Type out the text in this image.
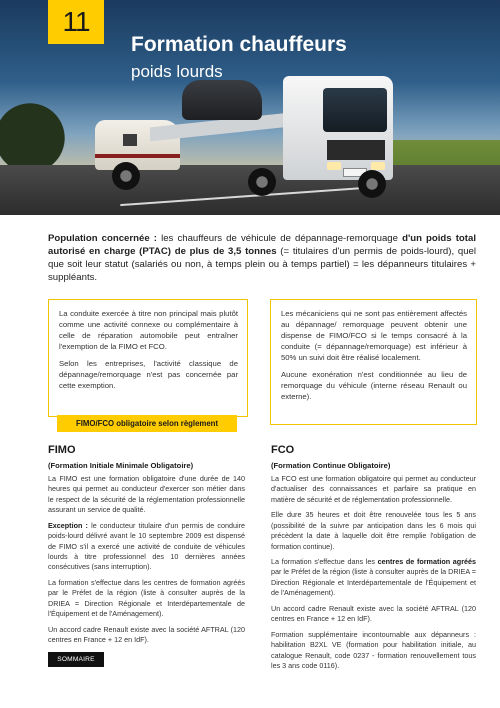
11
Formation chauffeurs

poids lourds

Population concernée : les chauffeurs de véhicule de dépannage-remorquage d'un poids total autorisé en charge (PTAC) de plus de 3,5 tonnes (= titulaires d'un permis de poids-lourd), quel que soit leur statut (salariés ou non, à temps plein ou à temps partiel) = les dépanneurs titulaires + suppléants.

La conduite exercée à titre non principal mais plutôt comme une activité connexe ou complémentaire à celle de réparation automobile peut entraîner l'exemption de la FIMO et FCO.

Selon les entreprises, l'activité classique de dépannage/remorquage n'est pas concernée par cette exemption.

FIMO/FCO obligatoire selon règlement

Les mécaniciens qui ne sont pas entièrement affectés au dépannage/ remorquage peuvent obtenir une dispense de FIMO/FCO si le temps consacré à la conduite (= dépannage/remorquage) est inférieur à 50% un suivi doit être réalisé localement.

Aucune exonération n'est conditionnée au lieu de remorquage du véhicule (interne réseau Renault ou externe).

FIMO
(Formation Initiale Minimale Obligatoire)

La FIMO est une formation obligatoire d'une durée de 140 heures qui permet au conducteur d'exercer son métier dans le respect de la sécurité de la réglementation professionnelle assurant un service de qualité.

Exception : le conducteur titulaire d'un permis de conduire poids-lourd délivré avant le 10 septembre 2009 est dispensé de FIMO s'il a exercé une activité de conduite de véhicules lourds à titre professionnel des 10 dernières années consécutives (sans interruption).

La formation s'effectue dans les centres de formation agréés par le Préfet de la région (liste à consulter auprès de la DRIEA = Direction Régionale et Interdépartementale de l'Équipement et de l'Aménagement).

Un accord cadre Renault existe avec la société AFTRAL (120 centres en France + 12 en IdF).

FCO
(Formation Continue Obligatoire)

La FCO est une formation obligatoire qui permet au conducteur d'actualiser des connaissances et parfaire sa pratique en matière de sécurité et de réglementation professionnelle.

Elle dure 35 heures et doit être renouvelée tous les 5 ans (possibilité de la suivre par anticipation dans les 6 mois qui précèdent la date à laquelle doit être remplie l'obligation de formation continue).

La formation s'effectue dans les centres de formation agréés par le Préfet de la région (liste à consulter auprès de la DRIEA = Direction Régionale et Interdépartementale de l'Équipement et de l'Aménagement).

Un accord cadre Renault existe avec la société AFTRAL (120 centres en France + 12 en IdF).

Formation supplémentaire incontournable aux dépanneurs : habilitation B2XL VE (formation pour habilitation initiale, au catalogue Renault, code 0237 - formation renouvellement tous les 3 ans code 0116).

SOMMAIRE
